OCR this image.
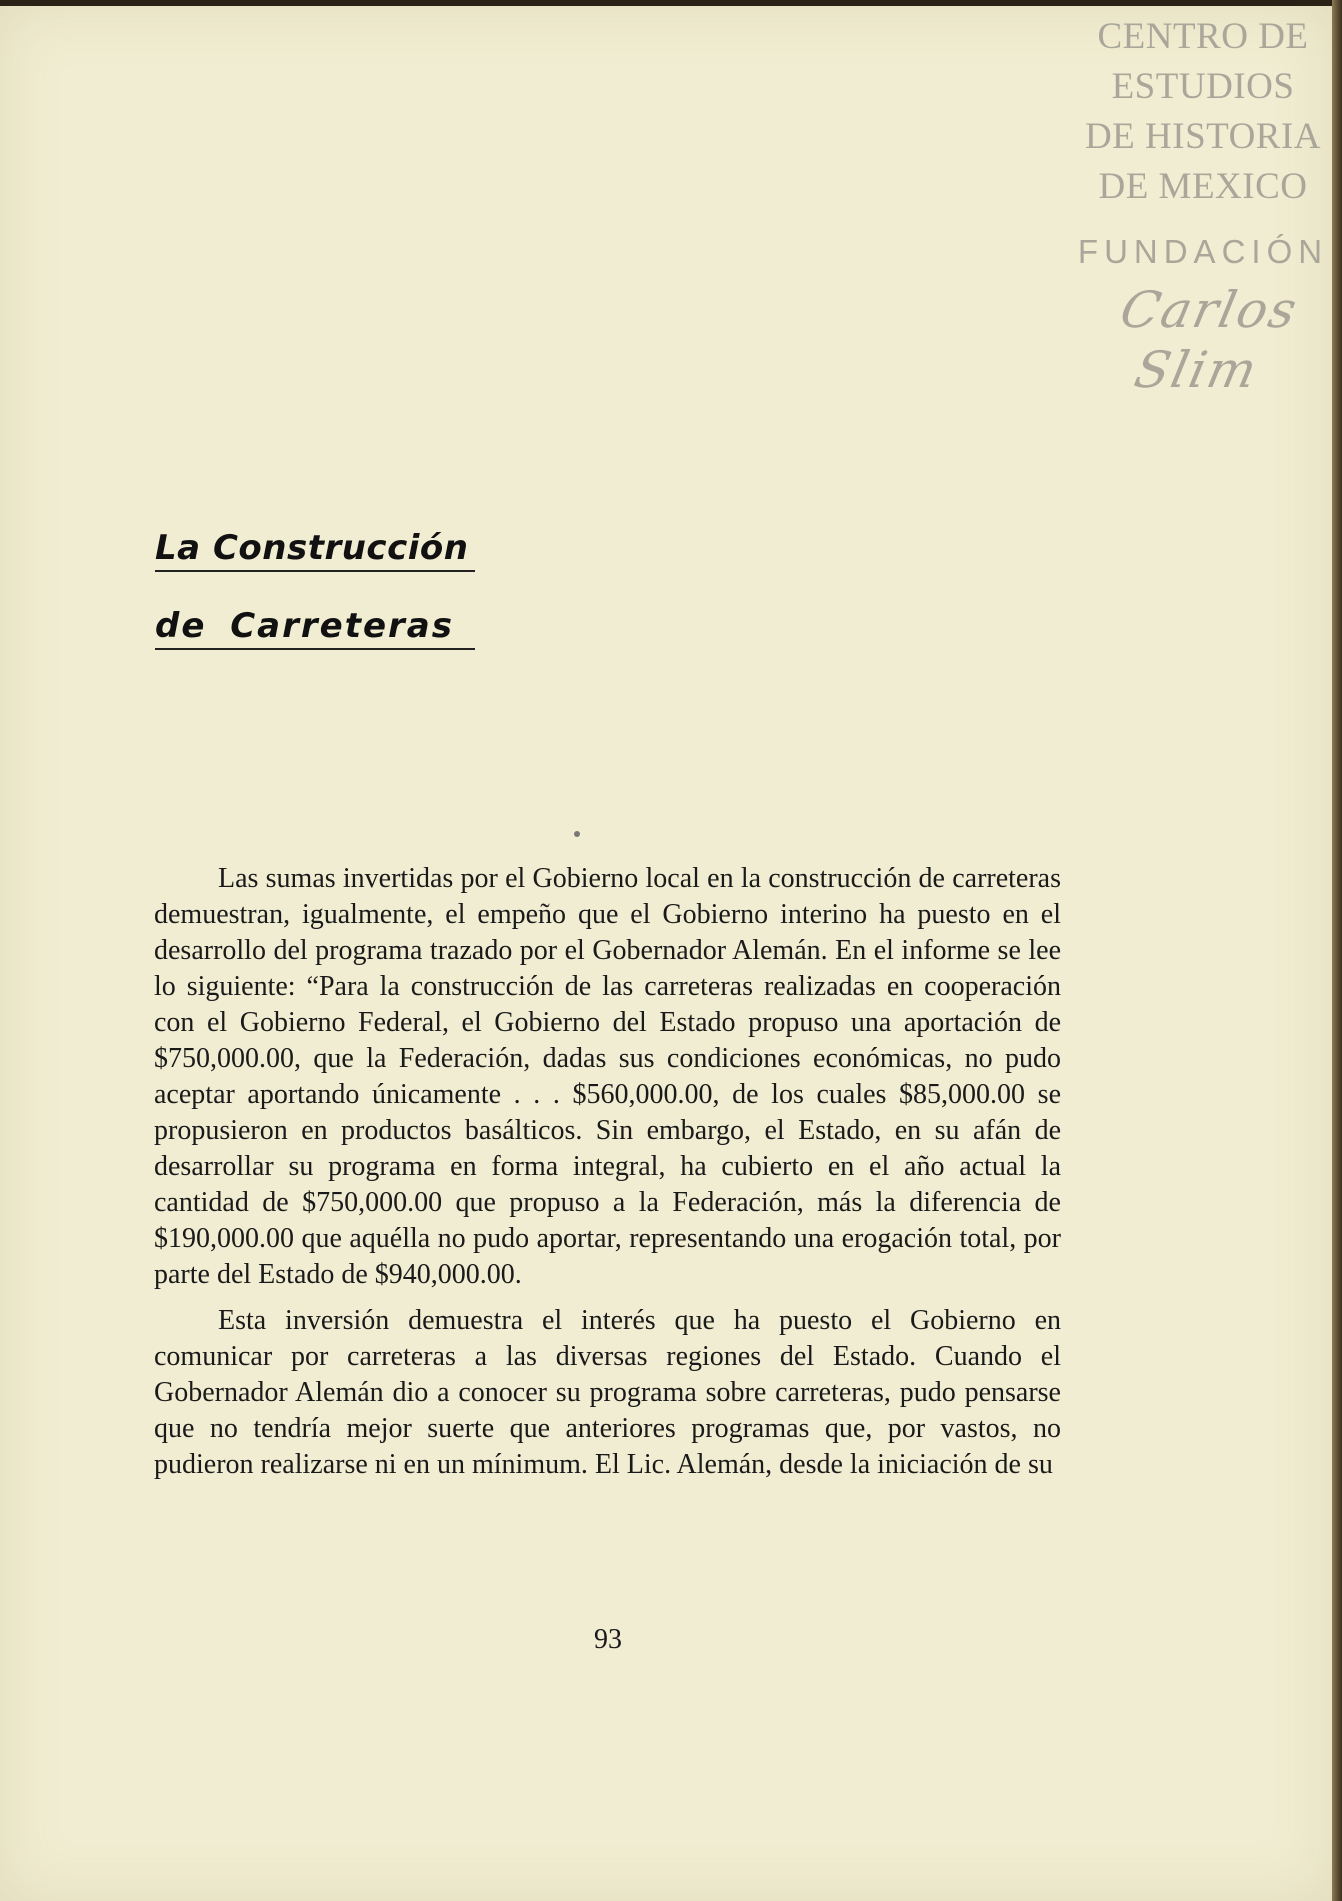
CENTRO DE
ESTUDIOS
DE HISTORIA
DE MEXICO
FUNDACIÓN
Carlos Slim
La Construcción
de Carreteras

Las sumas invertidas por el Gobierno local en la construcción de carreteras demuestran, igualmente, el empeño que el Gobierno interino ha puesto en el desarrollo del programa trazado por el Gobernador Alemán. En el informe se lee lo siguiente: “Para la construcción de las carreteras realizadas en cooperación con el Gobierno Federal, el Gobierno del Estado propuso una aportación de $750,000.00, que la Federación, dadas sus condiciones económicas, no pudo aceptar aportando únicamente . . . $560,000.00, de los cuales $85,000.00 se propusieron en productos basálticos. Sin embargo, el Estado, en su afán de desarrollar su programa en forma integral, ha cubierto en el año actual la cantidad de $750,000.00 que propuso a la Federación, más la diferencia de $190,000.00 que aquélla no pudo aportar, representando una erogación total, por parte del Estado de $940,000.00.

Esta inversión demuestra el interés que ha puesto el Gobierno en comunicar por carreteras a las diversas regiones del Estado. Cuando el Gobernador Alemán dio a conocer su programa sobre carreteras, pudo pensarse que no tendría mejor suerte que anteriores programas que, por vastos, no pudieron realizarse ni en un mínimum. El Lic. Alemán, desde la iniciación de su

93
